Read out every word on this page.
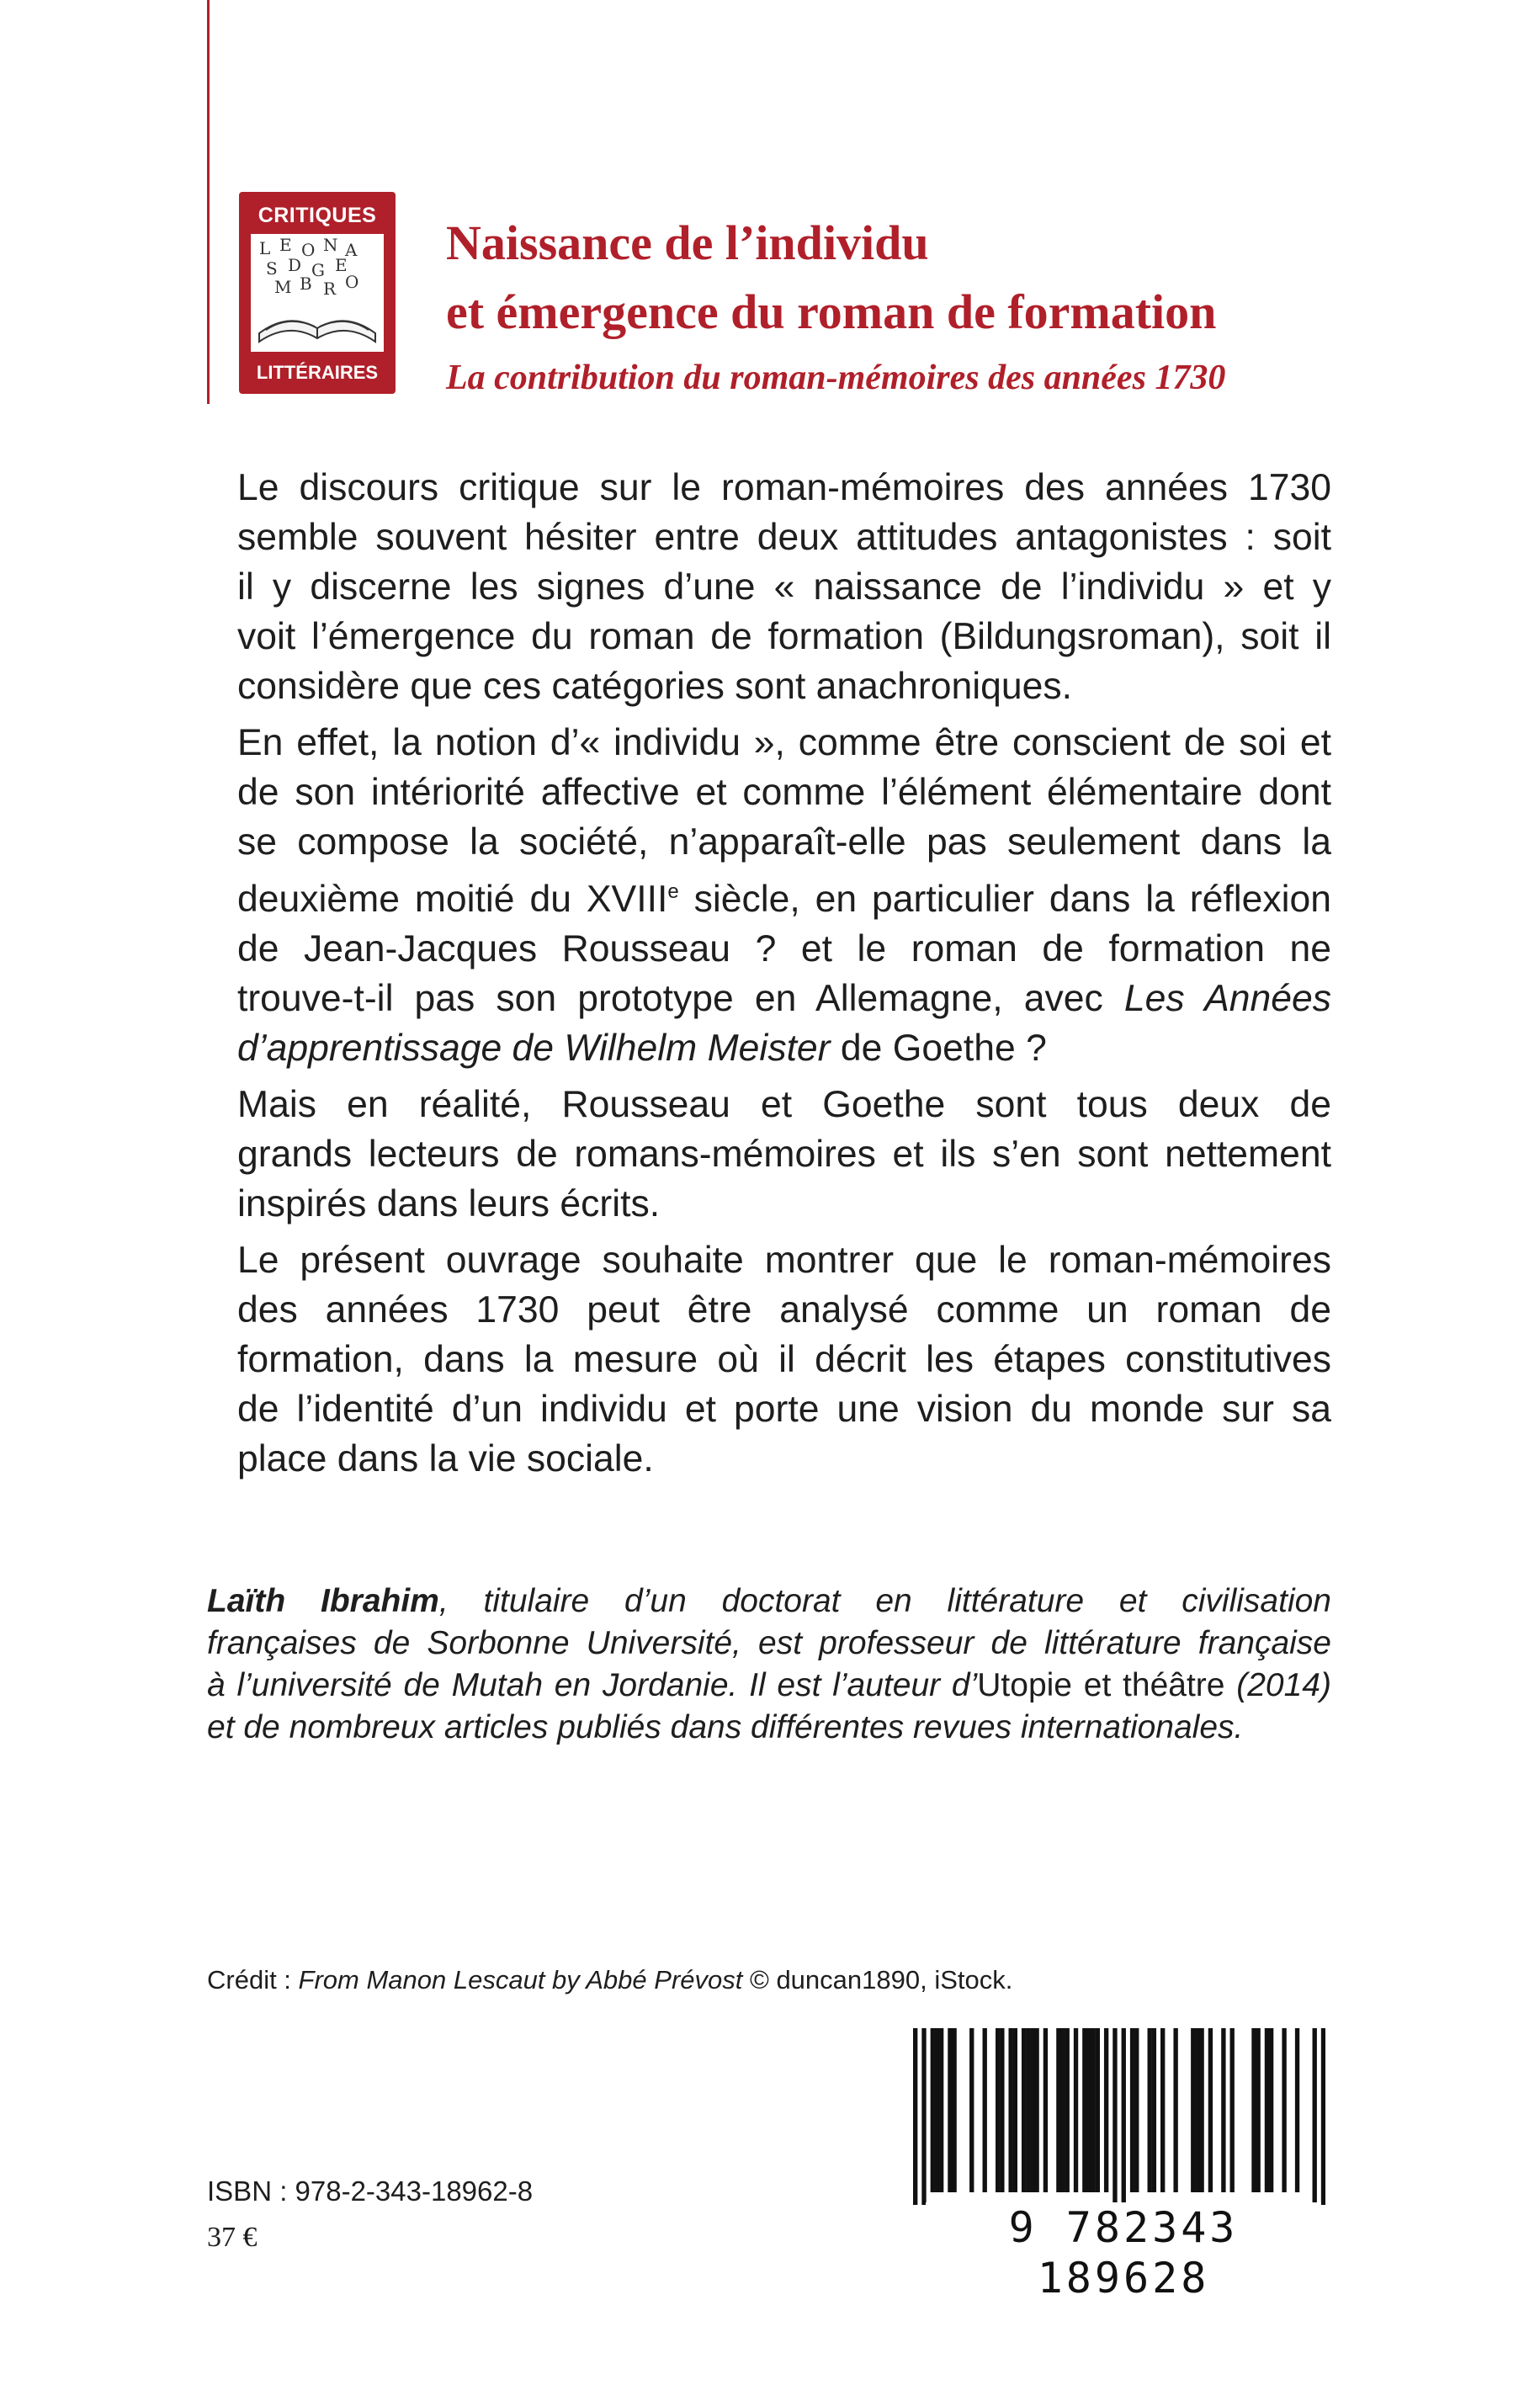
CRITIQUES
L E O N A
S D G E
M B R O
LITTÉRAIRES
Naissance de l’individu
et émergence du roman de formation
La contribution du roman-mémoires des années 1730

Le discours critique sur le roman-mémoires des années 1730
semble souvent hésiter entre deux attitudes antagonistes : soit
il y discerne les signes d’une « naissance de l’individu » et y
voit l’émergence du roman de formation (Bildungsroman), soit il
considère que ces catégories sont anachroniques.

En effet, la notion d’« individu », comme être conscient de soi et
de son intériorité affective et comme l’élément élémentaire dont
se compose la société, n’apparaît-elle pas seulement dans la
deuxième moitié du XVIIIe siècle, en particulier dans la réflexion
de Jean-Jacques Rousseau ? et le roman de formation ne
trouve-t-il pas son prototype en Allemagne, avec Les Années
d’apprentissage de Wilhelm Meister de Goethe ?

Mais en réalité, Rousseau et Goethe sont tous deux de
grands lecteurs de romans-mémoires et ils s’en sont nettement
inspirés dans leurs écrits.

Le présent ouvrage souhaite montrer que le roman-mémoires
des années 1730 peut être analysé comme un roman de
formation, dans la mesure où il décrit les étapes constitutives
de l’identité d’un individu et porte une vision du monde sur sa
place dans la vie sociale.

Laïth Ibrahim, titulaire d’un doctorat en littérature et civilisation
françaises de Sorbonne Université, est professeur de littérature française
à l’université de Mutah en Jordanie. Il est l’auteur d’Utopie et théâtre (2014)
et de nombreux articles publiés dans différentes revues internationales.
Crédit : From Manon Lescaut by Abbé Prévost © duncan1890, iStock.
ISBN : 978-2-343-18962-8
37 €	9 782343 189628
